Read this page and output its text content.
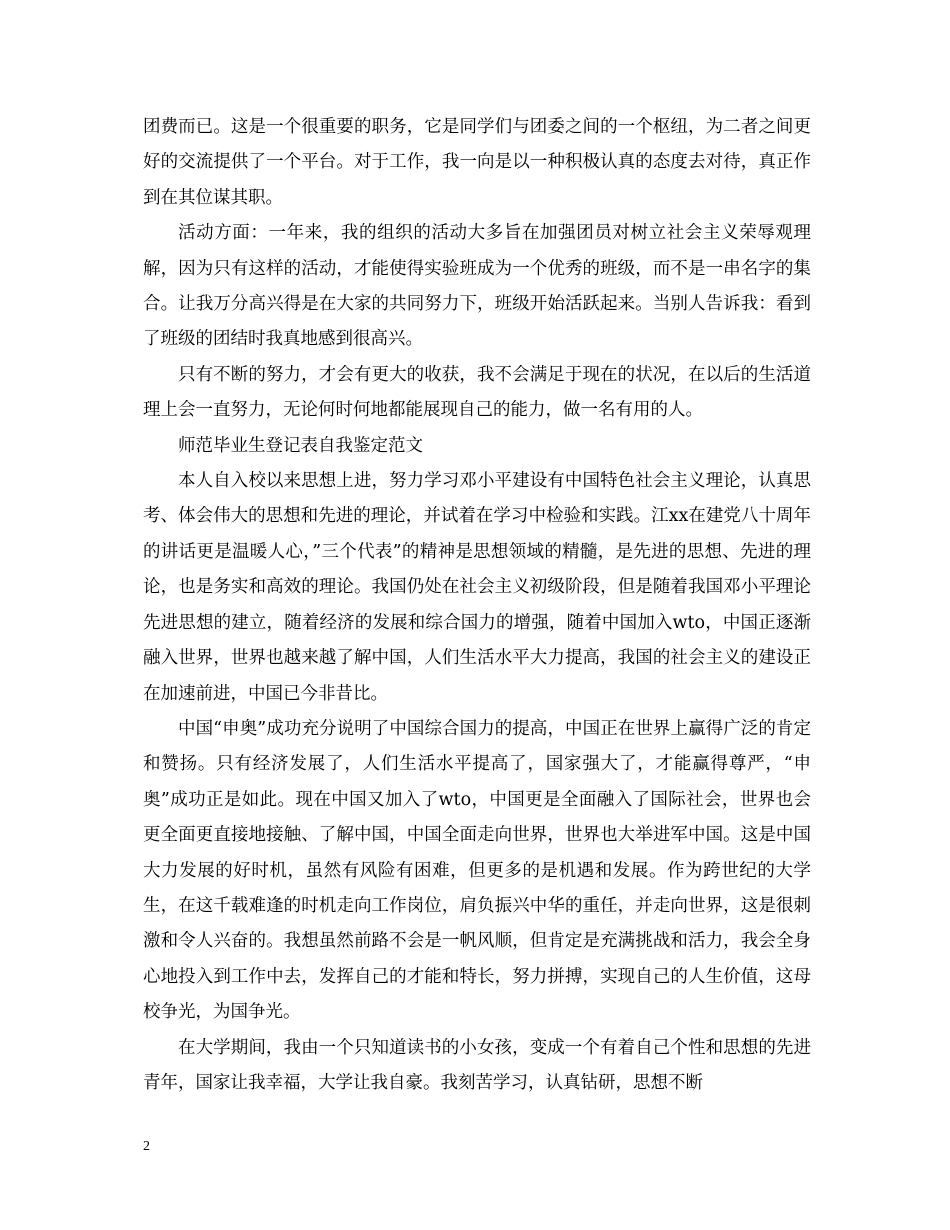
团费而已。这是一个很重要的职务，它是同学们与团委之间的一个枢纽，为二者之间更好的交流提供了一个平台。对于工作，我一向是以一种积极认真的态度去对待，真正作到在其位谋其职。

活动方面：一年来，我的组织的活动大多旨在加强团员对树立社会主义荣辱观理解，因为只有这样的活动，才能使得实验班成为一个优秀的班级，而不是一串名字的集合。让我万分高兴得是在大家的共同努力下，班级开始活跃起来。当别人告诉我：看到了班级的团结时我真地感到很高兴。

只有不断的努力，才会有更大的收获，我不会满足于现在的状况，在以后的生活道理上会一直努力，无论何时何地都能展现自己的能力，做一名有用的人。

师范毕业生登记表自我鉴定范文

本人自入校以来思想上进，努力学习邓小平建设有中国特色社会主义理论，认真思考、体会伟大的思想和先进的理论，并试着在学习中检验和实践。江xx在建党八十周年的讲话更是温暖人心，”三个代表”的精神是思想领域的精髓，是先进的思想、先进的理论，也是务实和高效的理论。我国仍处在社会主义初级阶段，但是随着我国邓小平理论先进思想的建立，随着经济的发展和综合国力的增强，随着中国加入wto，中国正逐渐融入世界，世界也越来越了解中国，人们生活水平大力提高，我国的社会主义的建设正在加速前进，中国已今非昔比。

中国“申奥”成功充分说明了中国综合国力的提高，中国正在世界上赢得广泛的肯定和赞扬。只有经济发展了，人们生活水平提高了，国家强大了，才能赢得尊严，“申奥”成功正是如此。现在中国又加入了wto，中国更是全面融入了国际社会，世界也会更全面更直接地接触、了解中国，中国全面走向世界，世界也大举进军中国。这是中国大力发展的好时机，虽然有风险有困难，但更多的是机遇和发展。作为跨世纪的大学生，在这千载难逢的时机走向工作岗位，肩负振兴中华的重任，并走向世界，这是很刺激和令人兴奋的。我想虽然前路不会是一帆风顺，但肯定是充满挑战和活力，我会全身心地投入到工作中去，发挥自己的才能和特长，努力拼搏，实现自己的人生价值，这母校争光，为国争光。

在大学期间，我由一个只知道读书的小女孩，变成一个有着自己个性和思想的先进青年，国家让我幸福，大学让我自豪。我刻苦学习，认真钻研，思想不断

2
